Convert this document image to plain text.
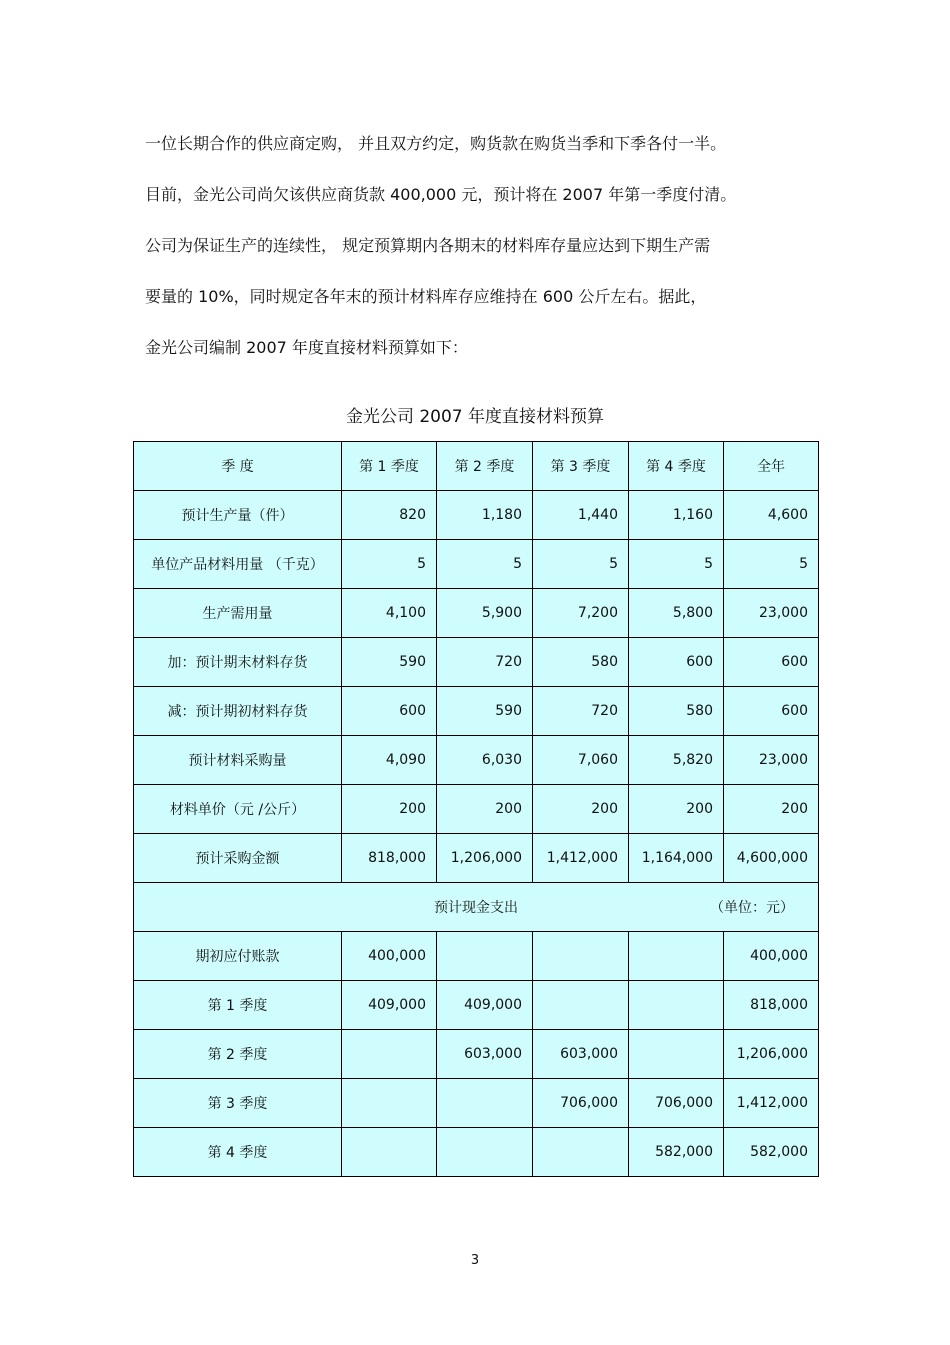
一位长期合作的供应商定购， 并且双方约定，购货款在购货当季和下季各付一半。

目前，金光公司尚欠该供应商货款 400,000 元，预计将在 2007 年第一季度付清。

公司为保证生产的连续性， 规定预算期内各期末的材料库存量应达到下期生产需

要量的 10%，同时规定各年末的预计材料库存应维持在 600 公斤左右。据此，

金光公司编制 2007 年度直接材料预算如下：

金光公司 2007 年度直接材料预算
季 度	第 1 季度	第 2 季度	第 3 季度	第 4 季度	全年
预计生产量（件）	820	1,180	1,440	1,160	4,600
单位产品材料用量 （千克）	5	5	5	5	5
生产需用量	4,100	5,900	7,200	5,800	23,000
加：预计期末材料存货	590	720	580	600	600
减：预计期初材料存货	600	590	720	580	600
预计材料采购量	4,090	6,030	7,060	5,820	23,000
材料单价（元 /公斤）	200	200	200	200	200
预计采购金额	818,000	1,206,000	1,412,000	1,164,000	4,600,000
预计现金支出 （单位：元）					

期初应付账款	400,000				400,000
第 1 季度	409,000	409,000			818,000
第 2 季度		603,000	603,000		1,206,000
第 3 季度			706,000	706,000	1,412,000
第 4 季度				582,000	582,000
3
